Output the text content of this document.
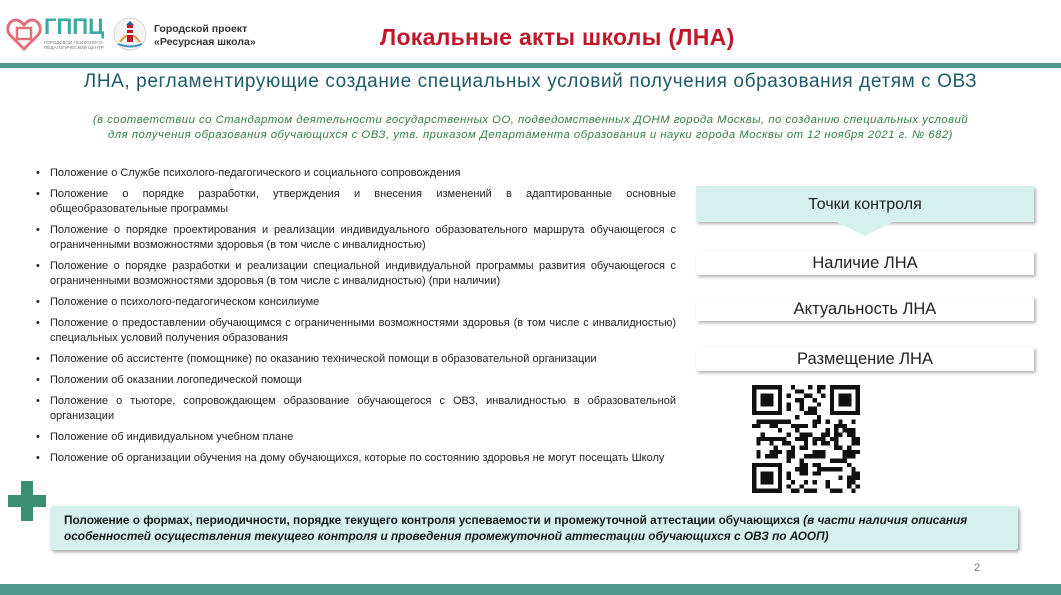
ГППЦ
ГОРОДСКОЙ ПСИХОЛОГО-ПЕДАГОГИЧЕСКИЙ ЦЕНТР
Городской проект
«Ресурсная школа»	Локальные акты школы (ЛНА)
ЛНА, регламентирующие создание специальных условий получения образования детям с ОВЗ
(в соответствии со Стандартом деятельности государственных ОО, подведомственных ДОНМ города Москвы, по созданию специальных условий
для получения образования обучающихся с ОВЗ, утв. приказом Департамента образования и науки города Москвы от 12 ноября 2021 г. № 682)
• Положение о Службе психолого-педагогического и социального сопровождения
• Положение о порядке разработки, утверждения и внесения изменений в адаптированные основные общеобразовательные программы
• Положение о порядке проектирования и реализации индивидуального образовательного маршрута обучающегося с ограниченными возможностями здоровья (в том числе с инвалидностью)
• Положение о порядке разработки и реализации специальной индивидуальной программы развития обучающегося с ограниченными возможностями здоровья (в том числе с инвалидностью) (при наличии)
• Положение о психолого-педагогическом консилиуме
• Положение о предоставлении обучающимся с ограниченными возможностями здоровья (в том числе с инвалидностью) специальных условий получения образования
• Положение об ассистенте (помощнике) по оказанию технической помощи в образовательной организации
• Положении об оказании логопедической помощи
• Положение о тьюторе, сопровождающем образование обучающегося с ОВЗ, инвалидностью в образовательной организации
• Положение об индивидуальном учебном плане
• Положение об организации обучения на дому обучающихся, которые по состоянию здоровья не могут посещать Школу
Положение о формах, периодичности, порядке текущего контроля успеваемости и промежуточной аттестации обучающихся (в части наличия описания особенностей осуществления текущего контроля и проведения промежуточной аттестации обучающихся с ОВЗ по АООП)
Точки контроля
Наличие ЛНА
Актуальность ЛНА
Размещение ЛНА
2
